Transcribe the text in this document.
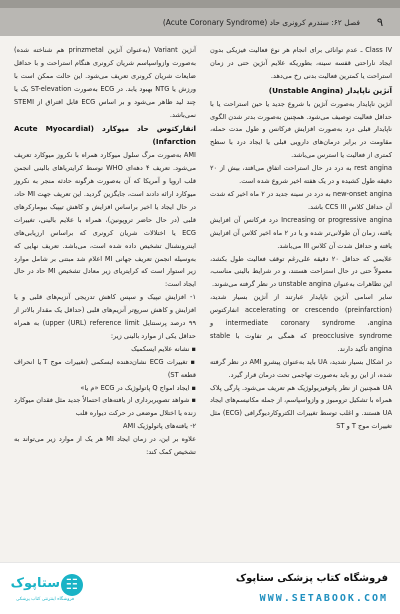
۹
فصل ۶۲: سندرم کرونری حاد (Acute Coronary Syndrome)

Class IV ـ عدم توانائی برای انجام هر نوع فعالیت فیزیکی بدون ایجاد ناراحتی قفسه سینه، بطوریکه علایم آنژین حتی در زمان استراحت یا کمترین فعالیت بدنی رخ می‌دهد.

آنژین ناپایدار (Unstable Angina)

آنژین ناپایدار به‌صورت آنژین با شروع جدید یا حین استراحت یا با حداقل فعالیت توصیف می‌شود. همچنین به‌صورت بدتر شدن الگوی ناپایدار قبلی درد به‌صورت افزایش فرکانس و طول مدت حمله، مقاومت در برابر درمان‌های دارویی قبلی یا ایجاد درد با سطح کمتری از فعالیت یا استرس می‌باشد.

rest angina به درد در حال استراحت اتفاق می‌افتد، بیش از ۲۰ دقیقه طول کشیده و در یک هفته اخیر شروع شده است.

new-onset angina به درد در سینه جدید در ۲ ماه اخیر که شدت آن حداقل کلاس CCS III باشد.

Increasing or progressive angina درد فرکانس آن افزایش یافته، زمان آن طولانی‌تر شده و یا در ۲ ماه اخیر کلاس آن افزایش یافته و حداقل شدت آن کلاس III می‌باشد.

علایمی که حداقل ۲۰ دقیقه علی‌رغم توقف فعالیت طول بکشد، معمولاً حتی در حال استراحت هستند، و در شرایط بالینی مناسب، این تظاهرات به‌عنوان unstable angina در نظر گرفته می‌شوند.

سایر اسامی آنژین ناپایدار عبارتند از آنژین بسیار شدید، accelerating or crescendo (preinfarction) انفارکتوس intermediate coronary syndrome ،angina و preocclusive syndrome که همگی بر تفاوت با stable angina تأکید دارند.

در اشکال بسیار شدید، UA باید به‌عنوان پیشرو AMI در نظر گرفته شده، از این رو باید به‌صورت تهاجمی تحت درمان قرار گیرد.

UA همچنین از نظر پاتوفیزیولوژیک هم تعریف می‌شود. پارگی پلاک همراه با تشکیل ترومبوز و وازواسپاسم، از جمله مکانیسم‌های ایجاد UA هستند. و اغلب توسط تغییرات الکتروکاردیوگرافی (ECG) مثل تغییرات موج T و ST

آنژین Variant (به‌عنوان آنژین prinzmetal هم شناخته شده) به‌صورت وازواسپاسم شریان کرونری هنگام استراحت و با حداقل ضایعات شریان کرونری تعریف می‌شود. این حالت ممکن است با ورزش یا NTG بهبود یابد. در ECG به‌صورت ST-elevation یک یا چند لید ظاهر می‌شود و بر اساس ECG قابل افتراق از STEMI نمی‌باشد.

انفارکتوس حاد میوکارد (Acute Myocardial Infarction)

AMI به‌صورت مرگ سلول میوکارد همراه با نکروز میوکارد تعریف می‌شود. تعریف ۴ دهه‌ای WHO توسط کرایتریاهای بالینی انجمن قلب اروپا و آمریکا که آن به‌صورت هرگونه حادثه منجر به نکروز میوکارد ارائه دادند است، جایگزین گردید. این تعریف جهت MI حاد، در حال ایجاد یا اخیر براساس افزایش و کاهش تیپیک بیومارکرهای قلبی (در حال حاضر تروپونین)، همراه با علایم بالینی، تغییرات ECG یا اختلالات شریان کرونری که براساس ارزیابی‌های اینترونشنال تشخیص داده شده است، می‌باشد. تعریف نهایی که به‌وسیله انجمن تعریف جهانی MI اعلام شد مبتنی بر شامل موارد زیر استوار است که کرایتریای زیر معادل تشخیص MI حاد در حال ایجاد است:

۱- افزایش تیپیک و سپس کاهش تدریجی آنزیم‌های قلبی و یا افزایش و کاهش سریع‌تر آنزیم‌های قلبی (حداقل یک مقدار بالاتر از ۹۹ درصد پرسنتایل upper (URL) reference limit) به همراه حداقل یکی از موارد بالینی زیر:

▪ نشانه علایم ایسکمیک

▪ تغییرات ECG نشان‌دهنده ایسکمی (تغییرات موج T یا انحراف قطعه ST)

▪ ایجاد امواج Q پاتولوژیک در ECG «م یا»

▪ شواهد تصویربرداری از یافته‌های احتمالاً جدید مثل فقدان میوکارد زنده یا اختلال موضعی در حرکت دیواره قلب

۲- یافته‌های پاتولوژیک AMI

علاوه بر این، در زمان ایجاد MI هر یک از موارد زیر می‌تواند به تشخیص کمک کند:

☷
ستاپوک
فروشگاه اینترنتی کتاب پزشکی
فروشگاه کتاب پزشکی ستاپوک
WWW.SETABOOK.COM
